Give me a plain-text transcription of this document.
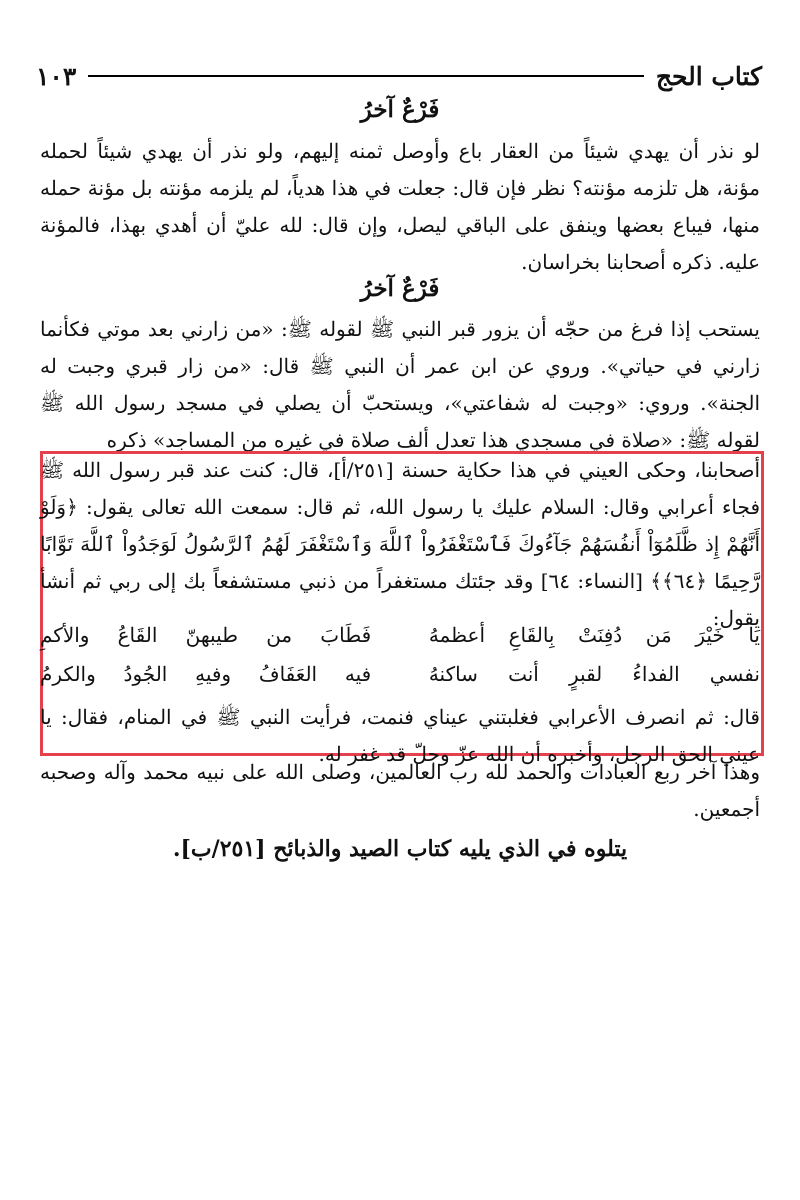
كتاب الحج
١٠٣
فَرْعٌ آخرُ

لو نذر أن يهدي شيئاً من العقار باع وأوصل ثمنه إليهم، ولو نذر أن يهدي شيئاً لحمله مؤنة، هل تلزمه مؤنته؟ نظر فإن قال: جعلت في هذا هدياً، لم يلزمه مؤنته بل مؤنة حمله منها، فيباع بعضها وينفق على الباقي ليصل، وإن قال: لله عليّ أن أهدي بهذا، فالمؤنة عليه. ذكره أصحابنا بخراسان.

فَرْعٌ آخرُ

يستحب إذا فرغ من حجّه أن يزور قبر النبي ﷺ لقوله ﷺ: «من زارني بعد موتي فكأنما زارني في حياتي». وروي عن ابن عمر أن النبي ﷺ قال: «من زار قبري وجبت له الجنة». وروي: «وجبت له شفاعتي»، ويستحبّ أن يصلي في مسجد رسول الله ﷺ لقوله ﷺ: «صلاة في مسجدي هذا تعدل ألف صلاة في غيره من المساجد» ذكره

أصحابنا، وحكى العيني في هذا حكاية حسنة [٢٥١/أ]، قال: كنت عند قبر رسول الله ﷺ فجاء أعرابي وقال: السلام عليك يا رسول الله، ثم قال: سمعت الله تعالى يقول: ﴿وَلَوْ أَنَّهُمْ إِذ ظَّلَمُوٓاْ أَنفُسَهُمْ جَآءُوكَ فَٱسْتَغْفَرُواْ ٱللَّهَ وَٱسْتَغْفَرَ لَهُمُ ٱلرَّسُولُ لَوَجَدُواْ ٱللَّهَ تَوَّابًا رَّحِيمًا ﴿٦٤﴾﴾ [النساء: ٦٤] وقد جئتك مستغفراً من ذنبي مستشفعاً بك إلى ربي ثم أنشأ يقول:

يَا خَيْرَ مَن دُفِنَتْ بِالقَاعِ أعظمهُ
فَطَابَ من طيبهنّ القَاعُ والأكمِ
نفسي الفداءُ لقبرٍ أنت ساكنهُ
فيه العَفَافُ وفيهِ الجُودُ والكرمُ

قال: ثم انصرف الأعرابي فغلبتني عيناي فنمت، فرأيت النبي ﷺ في المنام، فقال: يا عيني الحق الرجل، وأخبره أن الله عزّ وجلّ قد غفر له.

وهذا آخر ربع العبادات والحمد لله رب العالمين، وصلى الله على نبيه محمد وآله وصحبه أجمعين.

يتلوه في الذي يليه كتاب الصيد والذبائح [٢٥١/ب].
